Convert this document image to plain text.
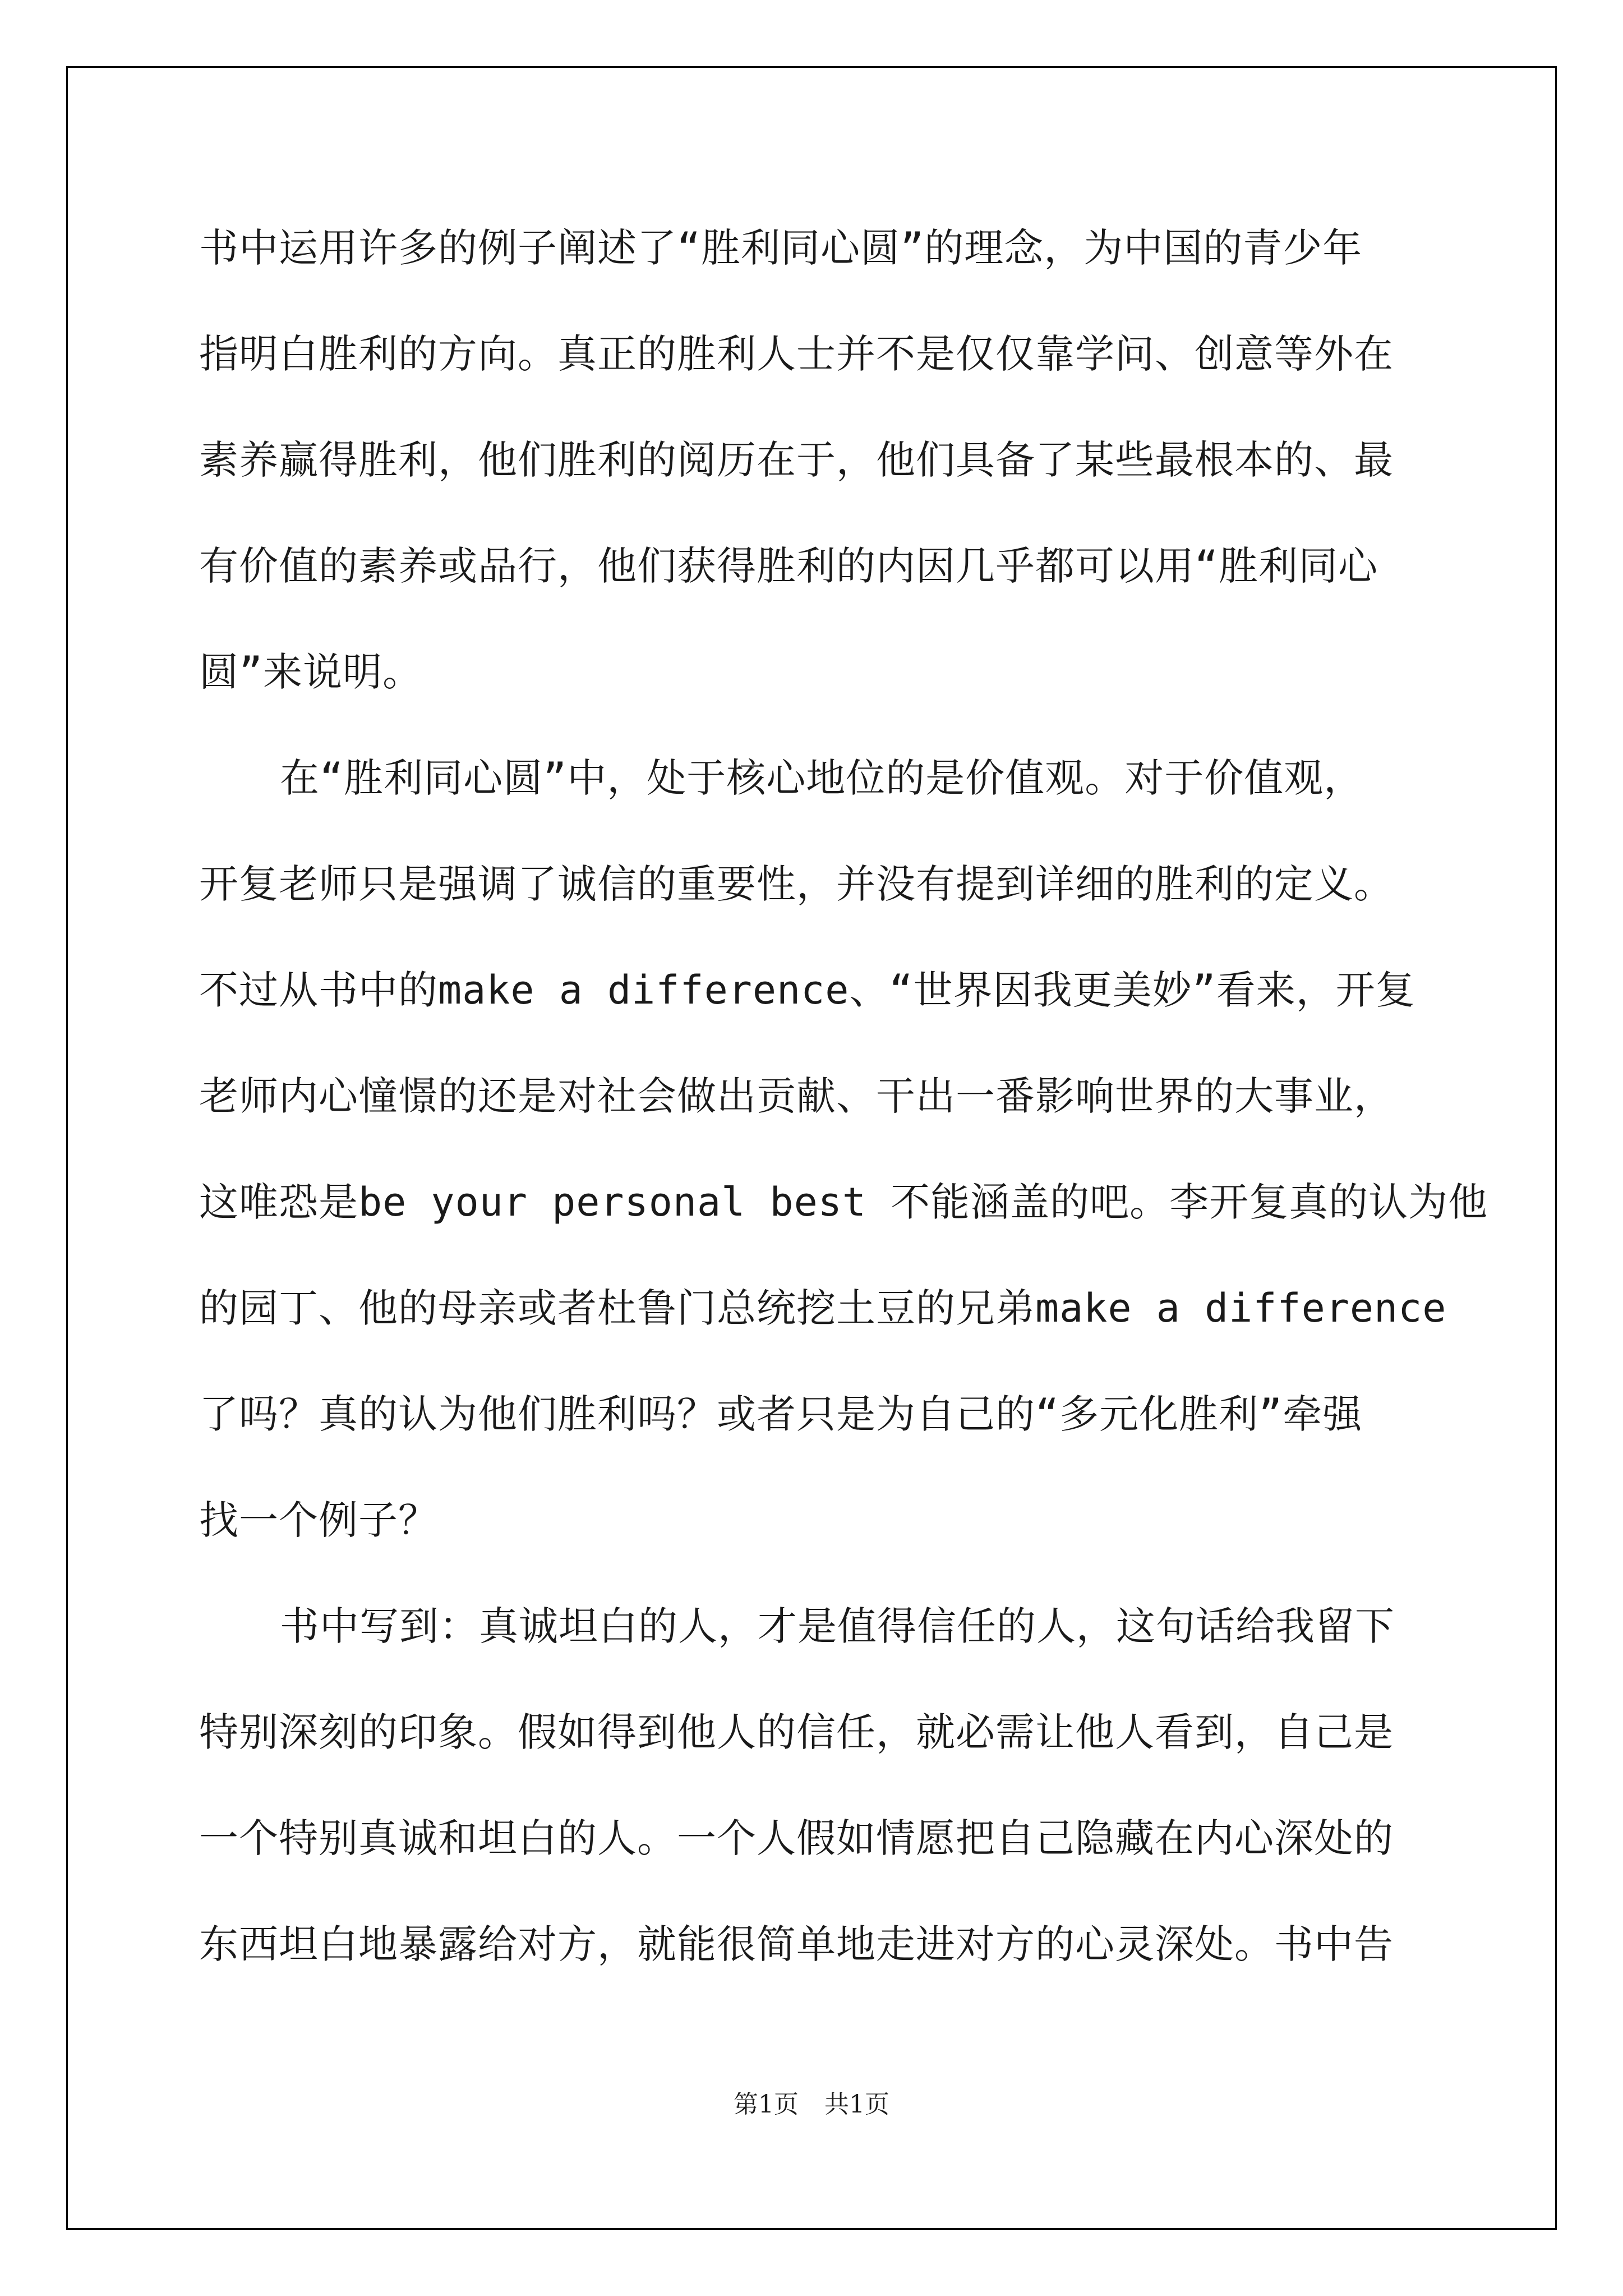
书中运用许多的例子阐述了“胜利同心圆”的理念，为中国的青少年
指明白胜利的方向。真正的胜利人士并不是仅仅靠学问、创意等外在
素养赢得胜利，他们胜利的阅历在于，他们具备了某些最根本的、最
有价值的素养或品行，他们获得胜利的内因几乎都可以用“胜利同心
圆”来说明。
在“胜利同心圆”中，处于核心地位的是价值观。对于价值观，
开复老师只是强调了诚信的重要性，并没有提到详细的胜利的定义。
不过从书中的make a difference、“世界因我更美妙”看来，开复
老师内心憧憬的还是对社会做出贡献、干出一番影响世界的大事业，
这唯恐是be your personal best 不能涵盖的吧。李开复真的认为他
的园丁、他的母亲或者杜鲁门总统挖土豆的兄弟make a difference
了吗？真的认为他们胜利吗？或者只是为自己的“多元化胜利”牵强
找一个例子？
书中写到：真诚坦白的人，才是值得信任的人，这句话给我留下
特别深刻的印象。假如得到他人的信任，就必需让他人看到，自己是
一个特别真诚和坦白的人。一个人假如情愿把自己隐藏在内心深处的
东西坦白地暴露给对方，就能很简单地走进对方的心灵深处。书中告
第1页 共1页
